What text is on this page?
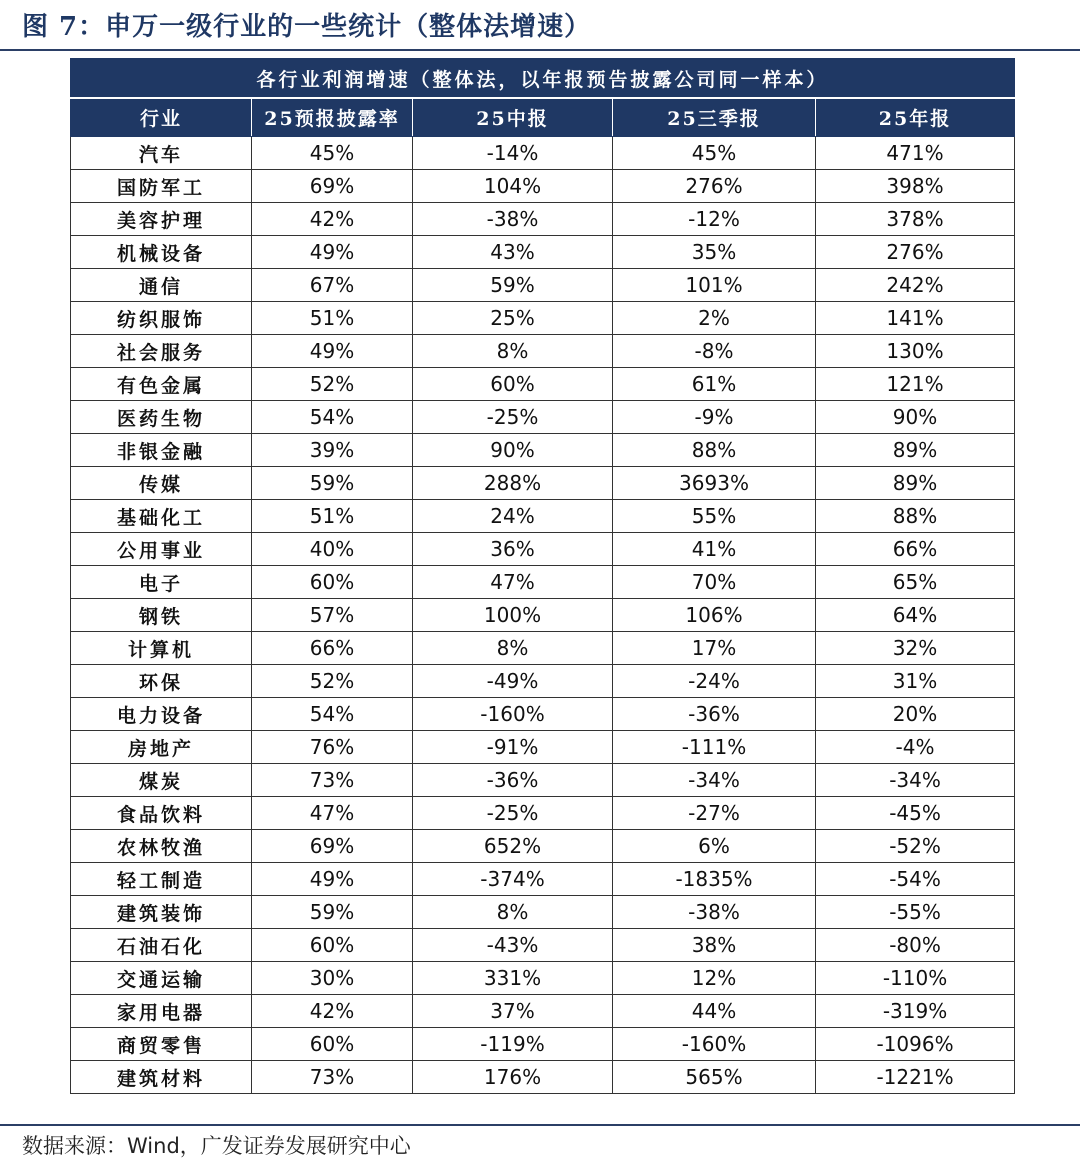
图 7：申万一级行业的一些统计（整体法增速）
各行业利润增速（整体法，以年报预告披露公司同一样本）				
行业	25预报披露率	25中报	25三季报	25年报
汽车	45%	-14%	45%	471%
国防军工	69%	104%	276%	398%
美容护理	42%	-38%	-12%	378%
机械设备	49%	43%	35%	276%
通信	67%	59%	101%	242%
纺织服饰	51%	25%	2%	141%
社会服务	49%	8%	-8%	130%
有色金属	52%	60%	61%	121%
医药生物	54%	-25%	-9%	90%
非银金融	39%	90%	88%	89%
传媒	59%	288%	3693%	89%
基础化工	51%	24%	55%	88%
公用事业	40%	36%	41%	66%
电子	60%	47%	70%	65%
钢铁	57%	100%	106%	64%
计算机	66%	8%	17%	32%
环保	52%	-49%	-24%	31%
电力设备	54%	-160%	-36%	20%
房地产	76%	-91%	-111%	-4%
煤炭	73%	-36%	-34%	-34%
食品饮料	47%	-25%	-27%	-45%
农林牧渔	69%	652%	6%	-52%
轻工制造	49%	-374%	-1835%	-54%
建筑装饰	59%	8%	-38%	-55%
石油石化	60%	-43%	38%	-80%
交通运输	30%	331%	12%	-110%
家用电器	42%	37%	44%	-319%
商贸零售	60%	-119%	-160%	-1096%
建筑材料	73%	176%	565%	-1221%
数据来源：Wind，广发证券发展研究中心
